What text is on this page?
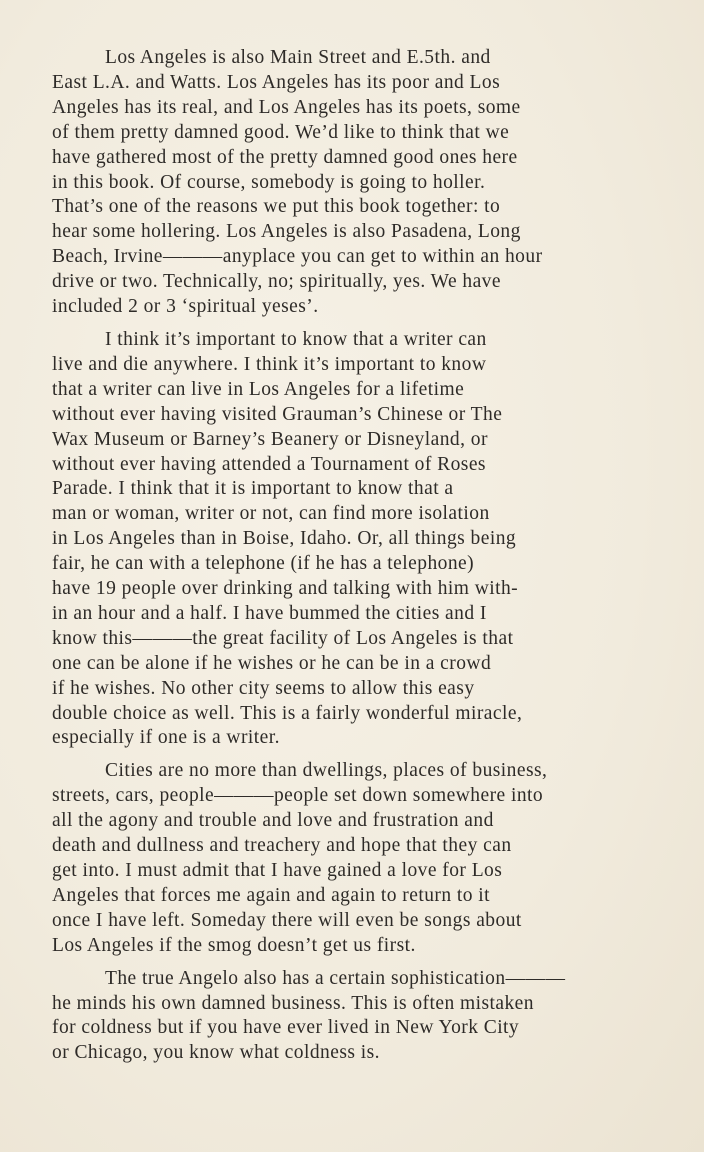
Los Angeles is also Main Street and E.5th. and
East L.A. and Watts. Los Angeles has its poor and Los
Angeles has its real, and Los Angeles has its poets, some
of them pretty damned good. We’d like to think that we
have gathered most of the pretty damned good ones here
in this book. Of course, somebody is going to holler.
That’s one of the reasons we put this book together: to
hear some hollering. Los Angeles is also Pasadena, Long
Beach, Irvine———anyplace you can get to within an hour
drive or two. Technically, no; spiritually, yes. We have
included 2 or 3 ‘spiritual yeses’.
I think it’s important to know that a writer can
live and die anywhere. I think it’s important to know
that a writer can live in Los Angeles for a lifetime
without ever having visited Grauman’s Chinese or The
Wax Museum or Barney’s Beanery or Disneyland, or
without ever having attended a Tournament of Roses
Parade. I think that it is important to know that a
man or woman, writer or not, can find more isolation
in Los Angeles than in Boise, Idaho. Or, all things being
fair, he can with a telephone (if he has a telephone)
have 19 people over drinking and talking with him with-
in an hour and a half. I have bummed the cities and I
know this———the great facility of Los Angeles is that
one can be alone if he wishes or he can be in a crowd
if he wishes. No other city seems to allow this easy
double choice as well. This is a fairly wonderful miracle,
especially if one is a writer.
Cities are no more than dwellings, places of business,
streets, cars, people———people set down somewhere into
all the agony and trouble and love and frustration and
death and dullness and treachery and hope that they can
get into. I must admit that I have gained a love for Los
Angeles that forces me again and again to return to it
once I have left. Someday there will even be songs about
Los Angeles if the smog doesn’t get us first.
The true Angelo also has a certain sophistication———
he minds his own damned business. This is often mistaken
for coldness but if you have ever lived in New York City
or Chicago, you know what coldness is.
